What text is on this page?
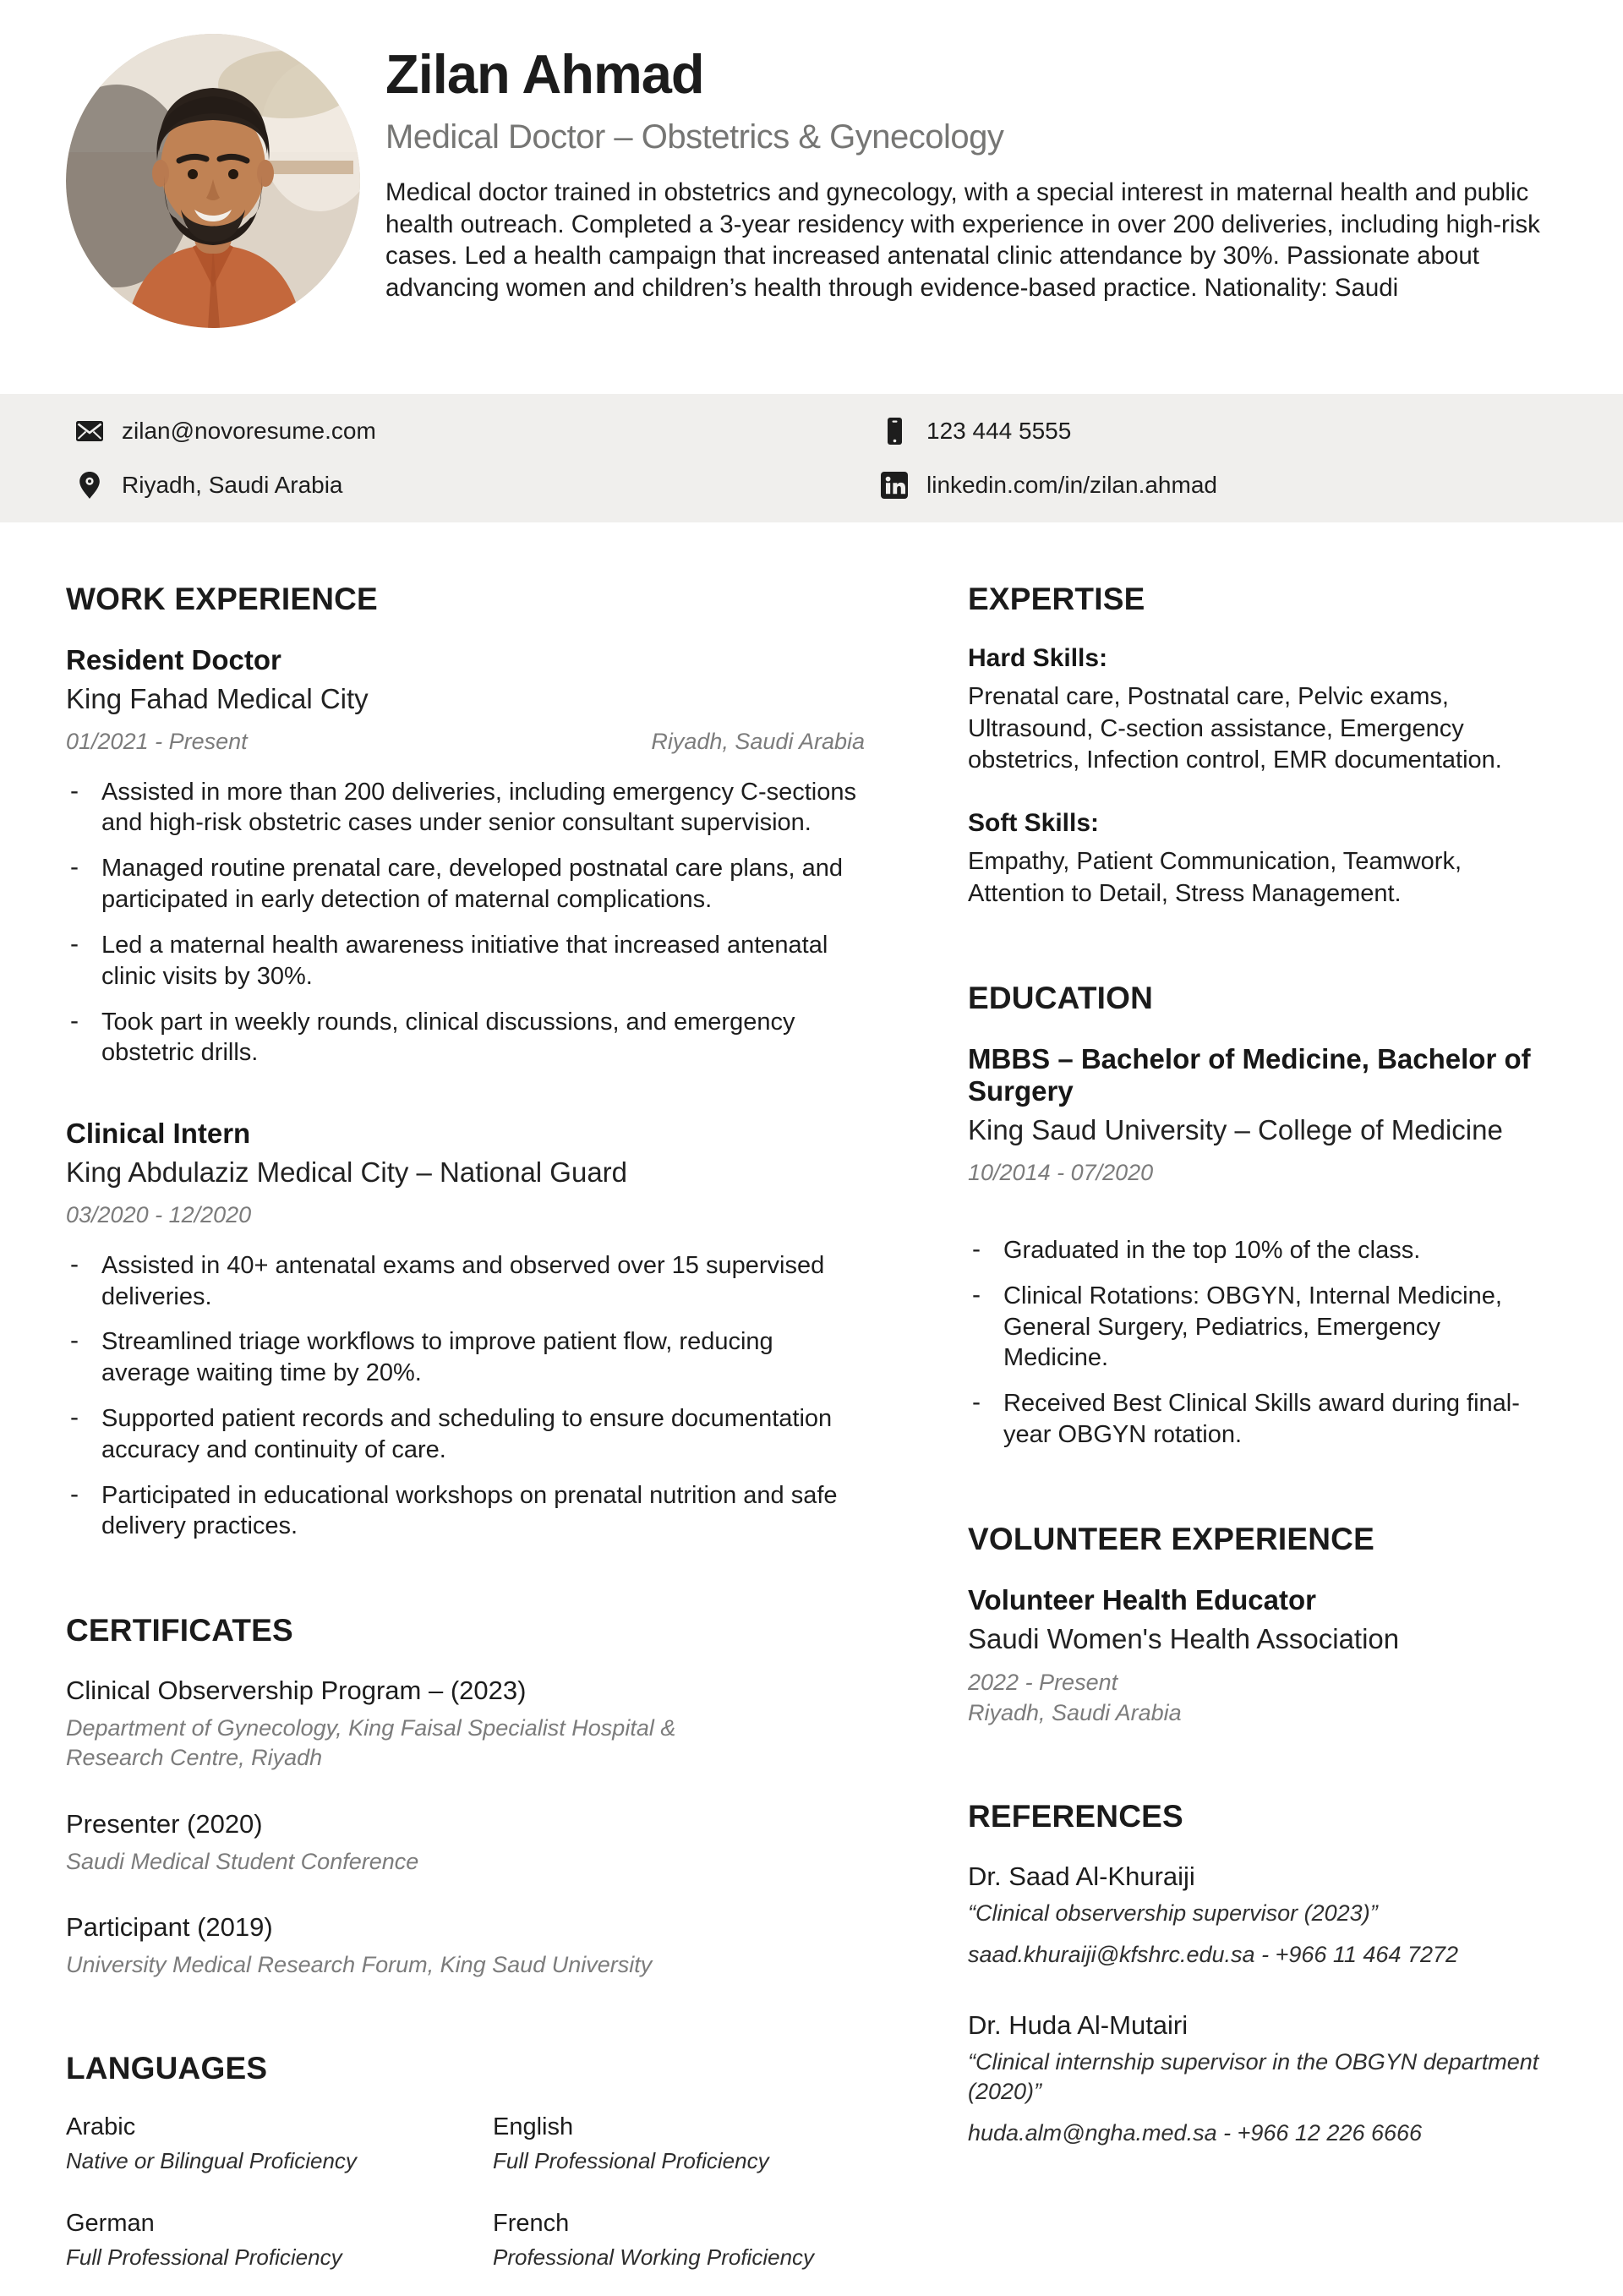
Zilan Ahmad
Medical Doctor – Obstetrics & Gynecology
Medical doctor trained in obstetrics and gynecology, with a special interest in maternal health and public health outreach. Completed a 3-year residency with experience in over 200 deliveries, including high-risk cases. Led a health campaign that increased antenatal clinic attendance by 30%. Passionate about advancing women and children’s health through evidence-based practice. Nationality: Saudi
zilan@novoresume.com	123 444 5555
Riyadh, Saudi Arabia	linkedin.com/in/zilan.ahmad
WORK EXPERIENCE
Resident Doctor
King Fahad Medical City
01/2021 - Present	Riyadh, Saudi Arabia
- Assisted in more than 200 deliveries, including emergency C-sections and high-risk obstetric cases under senior consultant supervision.
- Managed routine prenatal care, developed postnatal care plans, and participated in early detection of maternal complications.
- Led a maternal health awareness initiative that increased antenatal clinic visits by 30%.
- Took part in weekly rounds, clinical discussions, and emergency obstetric drills.
Clinical Intern
King Abdulaziz Medical City – National Guard
03/2020 - 12/2020
- Assisted in 40+ antenatal exams and observed over 15 supervised deliveries.
- Streamlined triage workflows to improve patient flow, reducing average waiting time by 20%.
- Supported patient records and scheduling to ensure documentation accuracy and continuity of care.
- Participated in educational workshops on prenatal nutrition and safe delivery practices.
CERTIFICATES
Clinical Observership Program – (2023)
Department of Gynecology, King Faisal Specialist Hospital & Research Centre, Riyadh
Presenter (2020)
Saudi Medical Student Conference
Participant (2019)
University Medical Research Forum, King Saud University
LANGUAGES
Arabic
Native or Bilingual Proficiency
English
Full Professional Proficiency
German
Full Professional Proficiency
French
Professional Working Proficiency
EXPERTISE
Hard Skills:
Prenatal care, Postnatal care, Pelvic exams, Ultrasound, C-section assistance, Emergency obstetrics, Infection control, EMR documentation.
Soft Skills:
Empathy, Patient Communication, Teamwork, Attention to Detail, Stress Management.
EDUCATION
MBBS – Bachelor of Medicine, Bachelor of Surgery
King Saud University – College of Medicine
10/2014 - 07/2020
- Graduated in the top 10% of the class.
- Clinical Rotations: OBGYN, Internal Medicine, General Surgery, Pediatrics, Emergency Medicine.
- Received Best Clinical Skills award during final-year OBGYN rotation.
VOLUNTEER EXPERIENCE
Volunteer Health Educator
Saudi Women's Health Association
2022 - Present
Riyadh, Saudi Arabia
REFERENCES
Dr. Saad Al-Khuraiji
“Clinical observership supervisor (2023)”
saad.khuraiji@kfshrc.edu.sa - +966 11 464 7272
Dr. Huda Al-Mutairi
“Clinical internship supervisor in the OBGYN department (2020)”
huda.alm@ngha.med.sa - +966 12 226 6666
